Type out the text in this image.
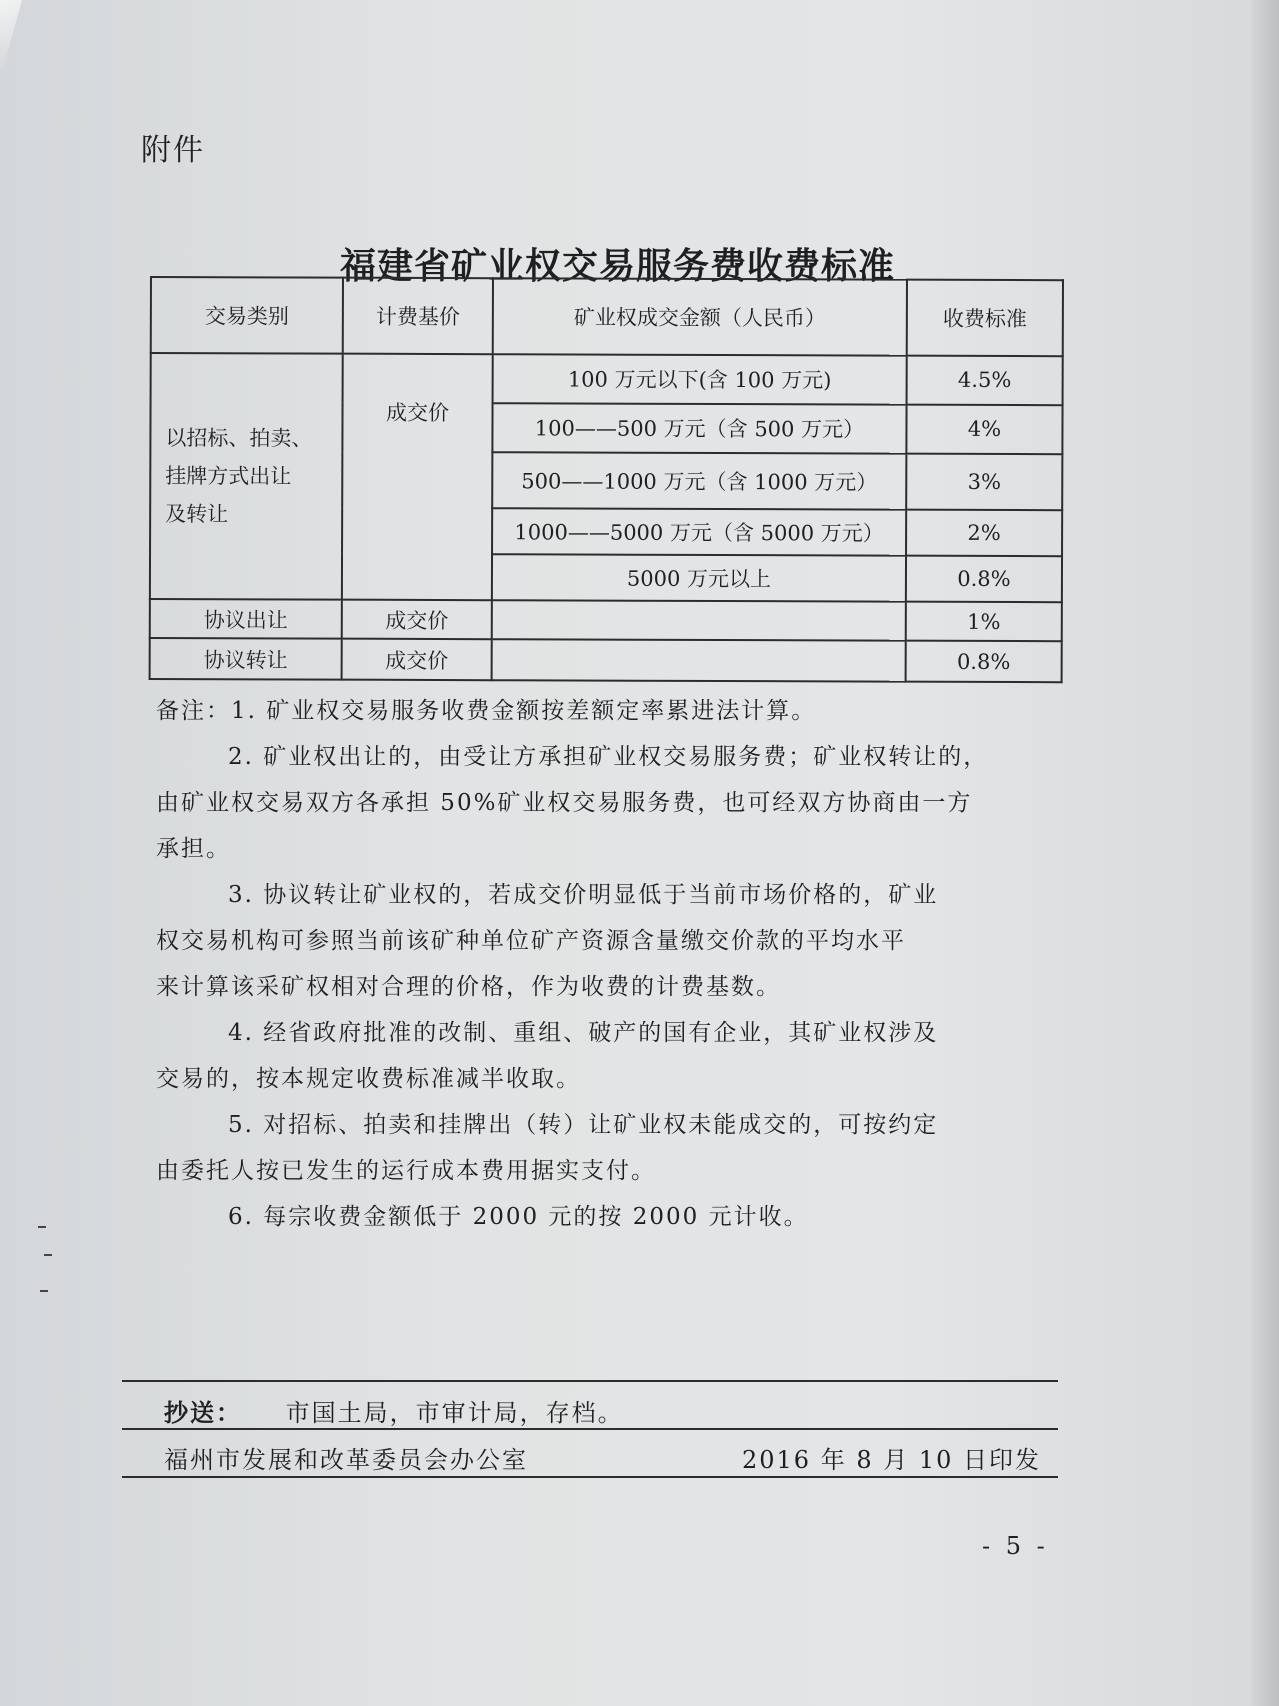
附件
福建省矿业权交易服务费收费标准
交易类别	计费基价	矿业权成交金额（人民币）	收费标准

以招标、拍卖、
挂牌方式出让
及转让	成交价	100 万元以下(含 100 万元)	4.5%
		100——500 万元（含 500 万元）	4%
		500——1000 万元（含 1000 万元）	3%
		1000——5000 万元（含 5000 万元）	2%
		5000 万元以上	0.8%
协议出让	成交价		1%
协议转让	成交价		0.8%

备注：1. 矿业权交易服务收费金额按差额定率累进法计算。

2. 矿业权出让的，由受让方承担矿业权交易服务费；矿业权转让的，

由矿业权交易双方各承担 50%矿业权交易服务费，也可经双方协商由一方

承担。

3. 协议转让矿业权的，若成交价明显低于当前市场价格的，矿业

权交易机构可参照当前该矿种单位矿产资源含量缴交价款的平均水平

来计算该采矿权相对合理的价格，作为收费的计费基数。

4. 经省政府批准的改制、重组、破产的国有企业，其矿业权涉及

交易的，按本规定收费标准减半收取。

5. 对招标、拍卖和挂牌出（转）让矿业权未能成交的，可按约定

由委托人按已发生的运行成本费用据实支付。

6. 每宗收费金额低于 2000 元的按 2000 元计收。

抄送： 市国土局，市审计局，存档。
福州市发展和改革委员会办公室	2016 年 8 月 10 日印发
- 5 -
